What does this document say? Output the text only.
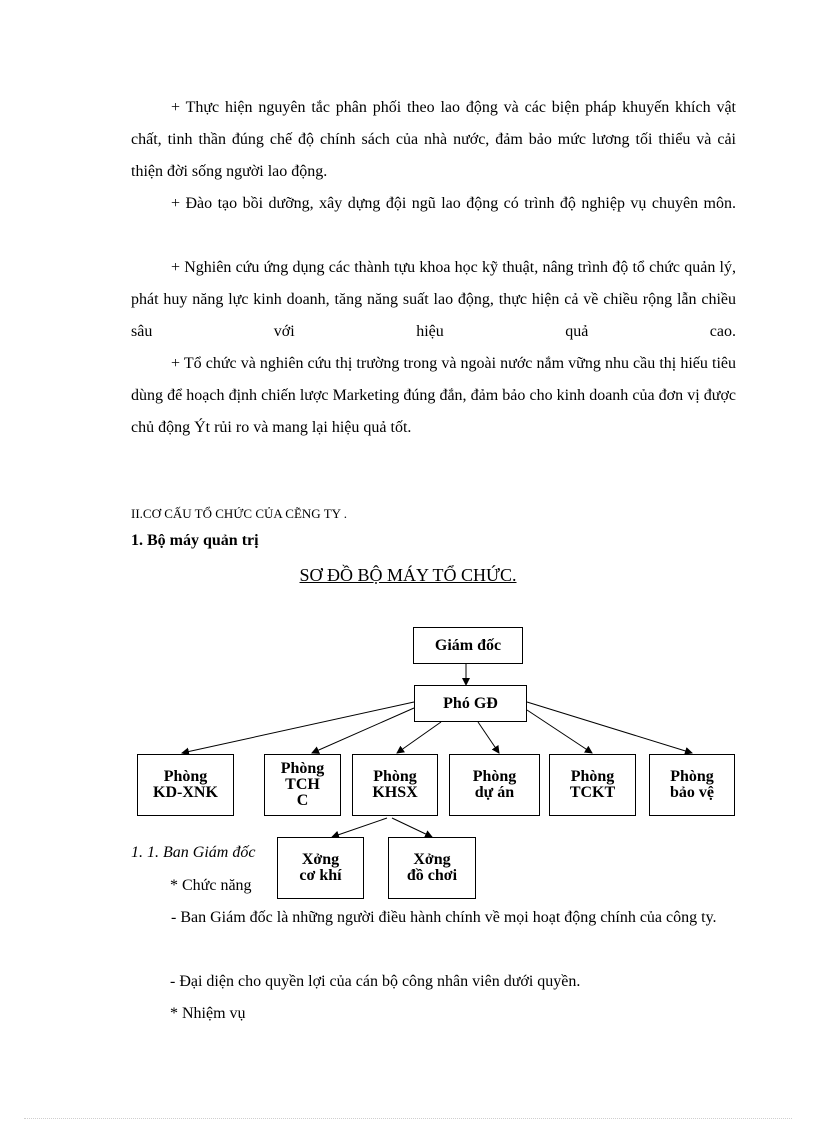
+ Thực hiện nguyên tắc phân phối theo lao động và các biện pháp khuyến khích vật chất, tinh thần đúng chế độ chính sách của nhà nước, đảm bảo mức lương tối thiểu và cải thiện đời sống người lao động.

+ Đào tạo bồi dưỡng, xây dựng đội ngũ lao động có trình độ nghiệp vụ chuyên môn.

+ Nghiên cứu ứng dụng các thành tựu khoa học kỹ thuật, nâng trình độ tổ chức quản lý, phát huy năng lực kinh doanh, tăng năng suất lao động, thực hiện cả về chiều rộng lẫn chiều sâu với hiệu quả cao.

+ Tổ chức và nghiên cứu thị trường trong và ngoài nước nắm vững nhu cầu thị hiếu tiêu dùng để hoạch định chiến lược Marketing đúng đắn, đảm bảo cho kinh doanh của đơn vị được chủ động Ýt rủi ro và mang lại hiệu quả tốt.

II.CƠ CẤU TỔ CHỨC CỦA CẼNG TY .
1. Bộ máy quản trị
SƠ ĐỒ BỘ MÁY TỔ CHỨC.
Giám đốc
Phó GĐ
Phòng
KD-XNK
Phòng
TCH
C
Phòng
KHSX
Phòng
dự án
Phòng
TCKT
Phòng
bảo vệ
1. 1. Ban Giám đốc	Xởng
cơ khí
Xởng
đồ chơi
* Chức năng

- Ban Giám đốc là những người điều hành chính về mọi hoạt động chính của công ty.

- Đại diện cho quyền lợi của cán bộ công nhân viên dưới quyền.
* Nhiệm vụ
